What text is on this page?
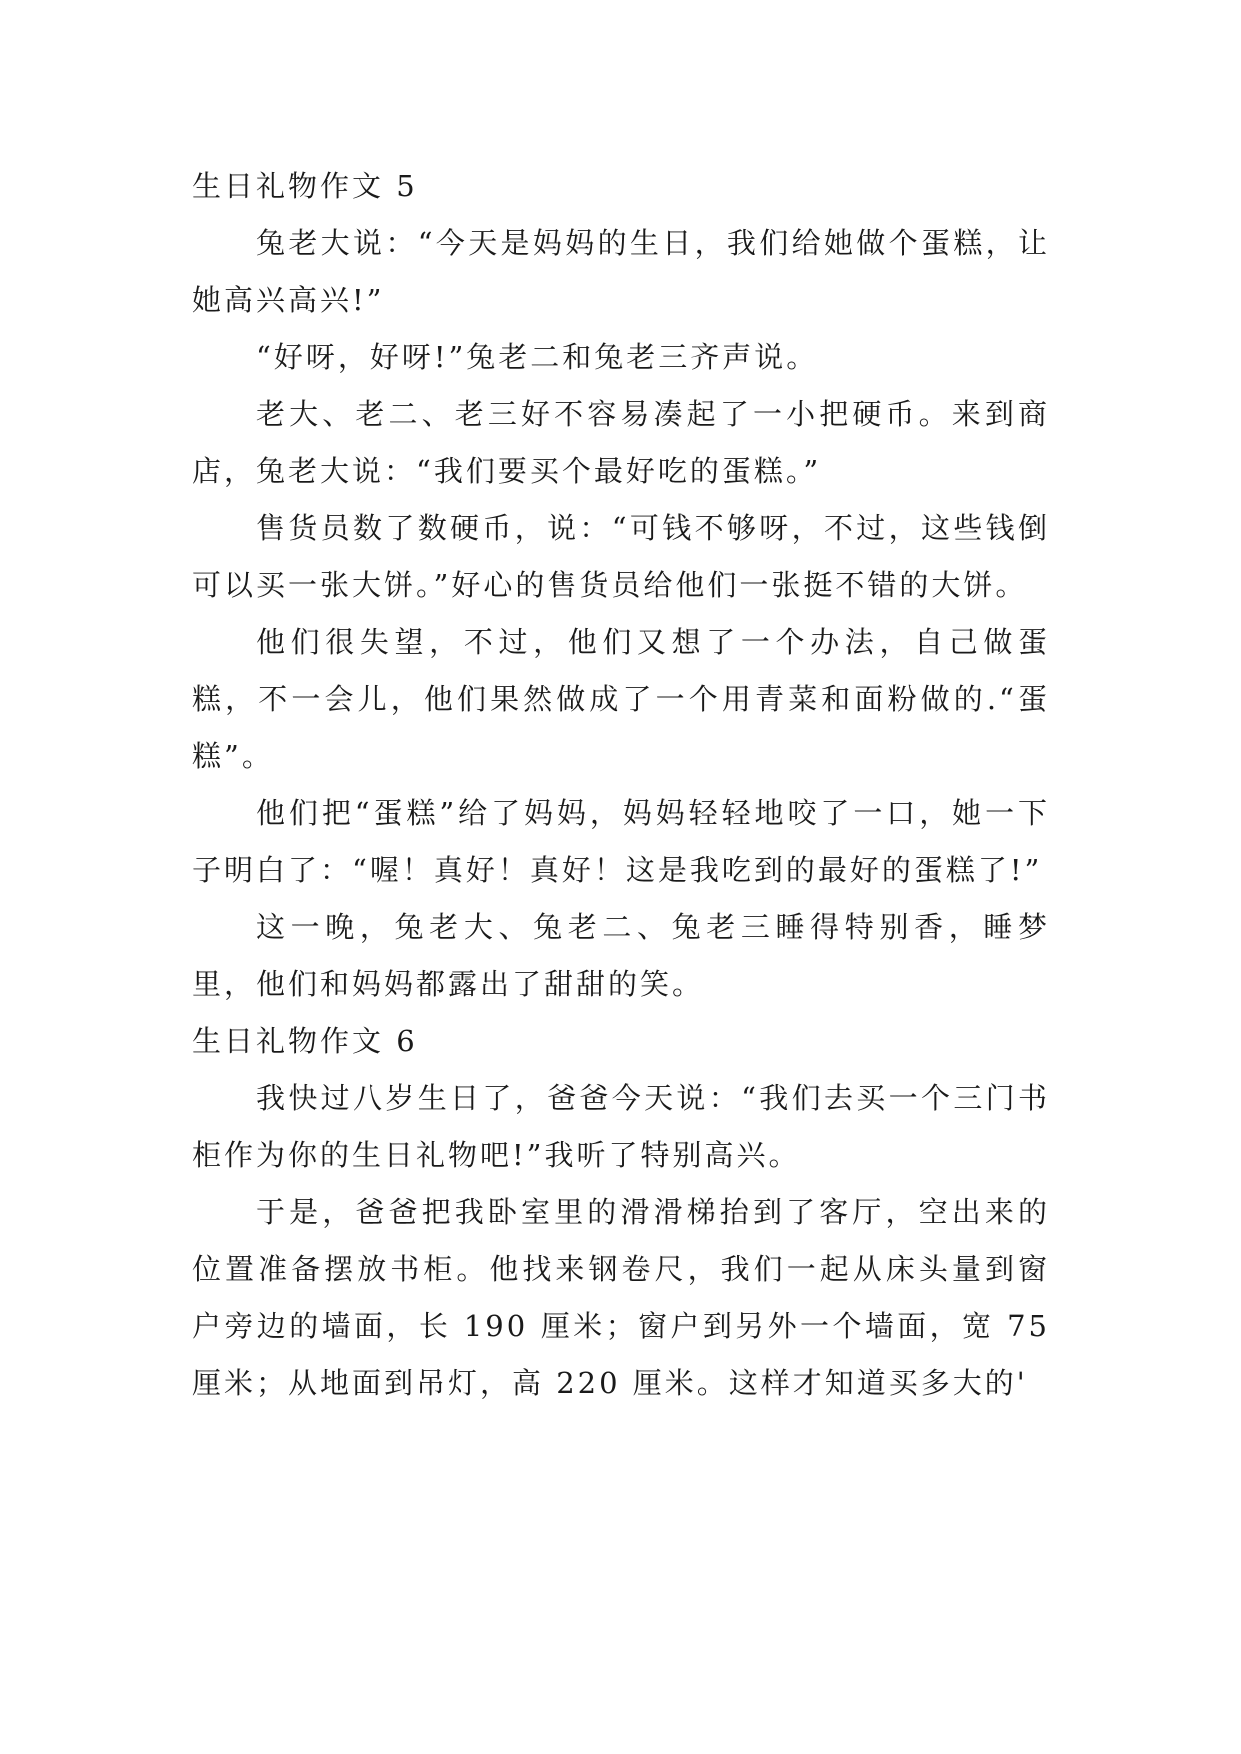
生日礼物作文 5

兔老大说：“今天是妈妈的生日，我们给她做个蛋糕，让她高兴高兴!”

“好呀，好呀!”兔老二和兔老三齐声说。

老大、老二、老三好不容易凑起了一小把硬币。来到商店，兔老大说：“我们要买个最好吃的蛋糕。”

售货员数了数硬币，说：“可钱不够呀，不过，这些钱倒可以买一张大饼。”好心的售货员给他们一张挺不错的大饼。

他们很失望，不过，他们又想了一个办法，自己做蛋糕，不一会儿，他们果然做成了一个用青菜和面粉做的.“蛋糕”。

他们把“蛋糕”给了妈妈，妈妈轻轻地咬了一口，她一下子明白了：“喔！真好！真好！这是我吃到的最好的蛋糕了!”

这一晚，兔老大、兔老二、兔老三睡得特别香，睡梦里，他们和妈妈都露出了甜甜的笑。

生日礼物作文 6

我快过八岁生日了，爸爸今天说：“我们去买一个三门书柜作为你的生日礼物吧!”我听了特别高兴。

于是，爸爸把我卧室里的滑滑梯抬到了客厅，空出来的位置准备摆放书柜。他找来钢卷尺，我们一起从床头量到窗户旁边的墙面，长 190 厘米；窗户到另外一个墙面，宽 75 厘米；从地面到吊灯，高 220 厘米。这样才知道买多大的'
